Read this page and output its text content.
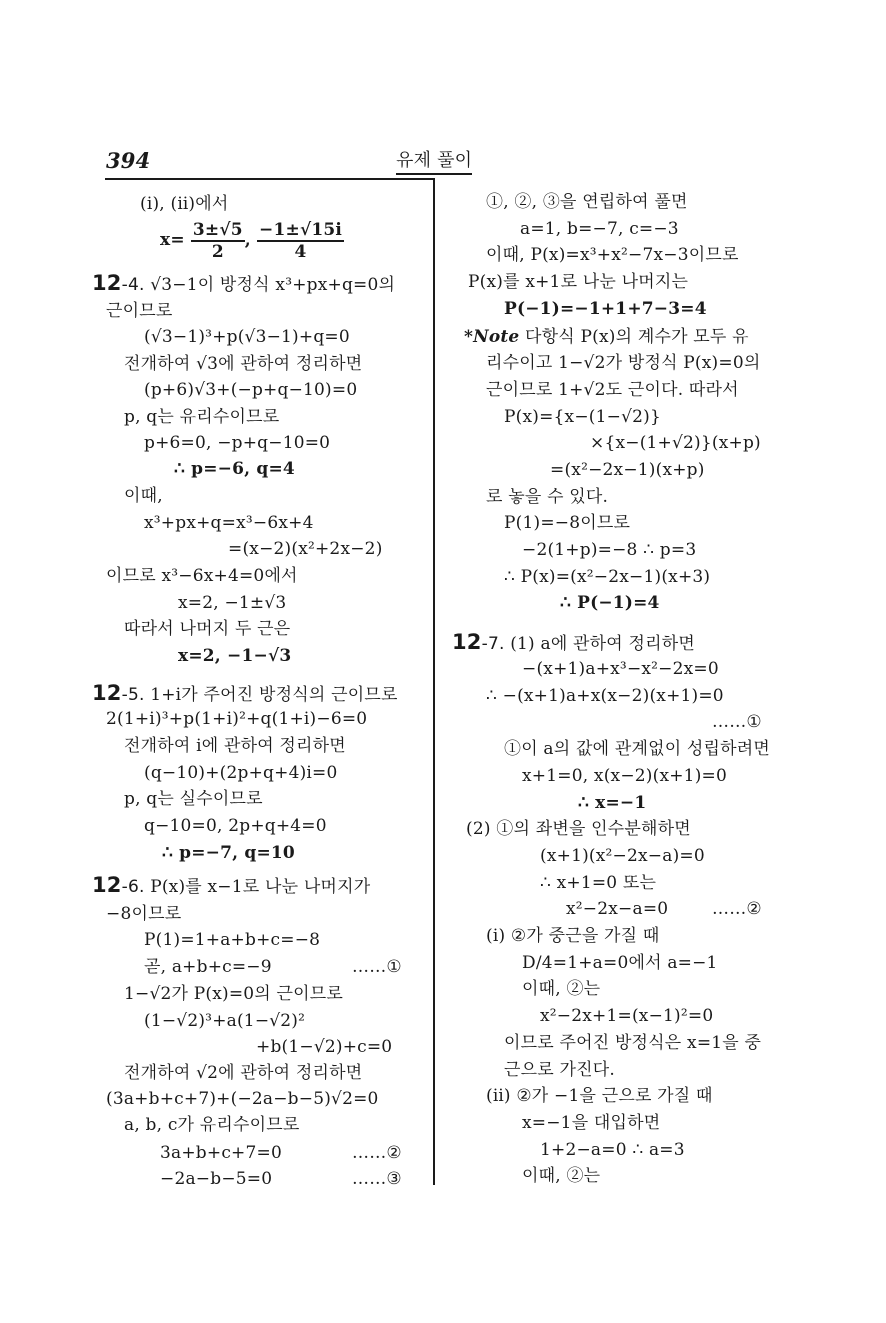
394	유제 풀이
(ⅰ), (ⅱ)에서
$x= \frac{3\pm√5}{2}$ , $\frac{-1\pm√15i}{4}$
12-4. √3−1이 방정식 x³+px+q=0의
근이므로
(√3−1)³+p(√3−1)+q=0
전개하여 √3에 관하여 정리하면
(p+6)√3+(−p+q−10)=0
p, q는 유리수이므로
p+6=0, −p+q−10=0
∴ p=−6, q=4
이때,
x³+px+q=x³−6x+4
=(x−2)(x²+2x−2)
이므로 x³−6x+4=0에서
x=2, −1±√3
따라서 나머지 두 근은
x=2, −1−√3
12-5. 1+i가 주어진 방정식의 근이므로
2(1+i)³+p(1+i)²+q(1+i)−6=0
전개하여 i에 관하여 정리하면
(q−10)+(2p+q+4)i=0
p, q는 실수이므로
q−10=0, 2p+q+4=0
∴ p=−7, q=10
12-6. P(x)를 x−1로 나눈 나머지가
−8이므로
P(1)=1+a+b+c=−8
곧, a+b+c=−9	……①
1−√2가 P(x)=0의 근이므로
(1−√2)³+a(1−√2)²
+b(1−√2)+c=0
전개하여 √2에 관하여 정리하면
(3a+b+c+7)+(−2a−b−5)√2=0
a, b, c가 유리수이므로
3a+b+c+7=0	……②
−2a−b−5=0	……③
①, ②, ③을 연립하여 풀면
a=1, b=−7, c=−3
이때, P(x)=x³+x²−7x−3이므로
P(x)를 x+1로 나눈 나머지는
P(−1)=−1+1+7−3=4
*Note 다항식 P(x)의 계수가 모두 유
리수이고 1−√2가 방정식 P(x)=0의
근이므로 1+√2도 근이다. 따라서
P(x)={x−(1−√2)}
×{x−(1+√2)}(x+p)
=(x²−2x−1)(x+p)
로 놓을 수 있다.
P(1)=−8이므로
−2(1+p)=−8 ∴ p=3
∴ P(x)=(x²−2x−1)(x+3)
∴ P(−1)=4
12-7. (1) a에 관하여 정리하면
−(x+1)a+x³−x²−2x=0
∴ −(x+1)a+x(x−2)(x+1)=0
……①
①이 a의 값에 관계없이 성립하려면
x+1=0, x(x−2)(x+1)=0
∴ x=−1
(2) ①의 좌변을 인수분해하면
(x+1)(x²−2x−a)=0
∴ x+1=0 또는
x²−2x−a=0	……②
(ⅰ) ②가 중근을 가질 때
D/4=1+a=0에서 a=−1
이때, ②는
x²−2x+1=(x−1)²=0
이므로 주어진 방정식은 x=1을 중
근으로 가진다.
(ⅱ) ②가 −1을 근으로 가질 때
x=−1을 대입하면
1+2−a=0 ∴ a=3
이때, ②는
